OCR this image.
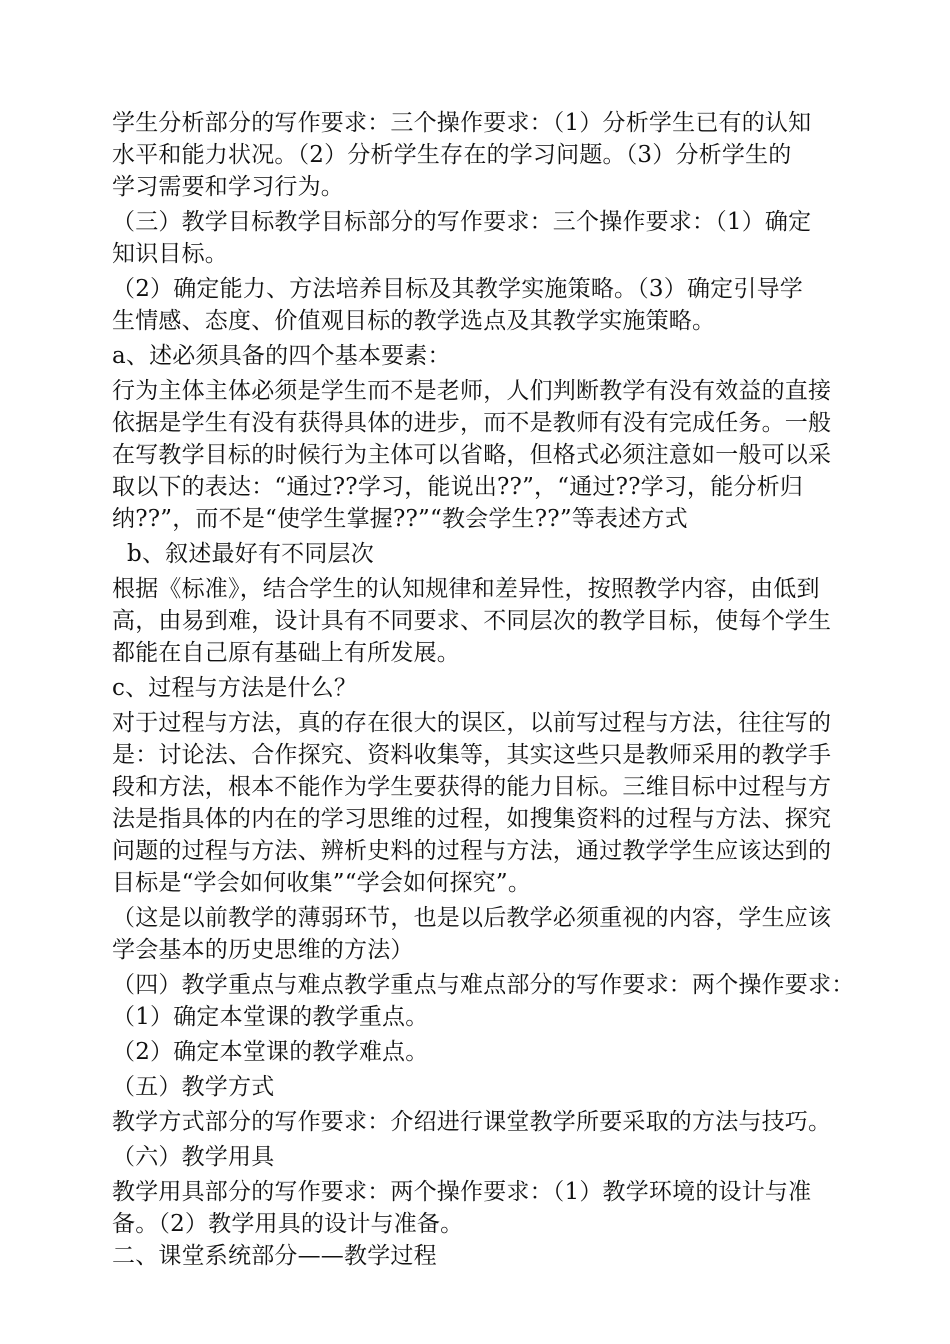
学生分析部分的写作要求：三个操作要求：（1）分析学生已有的认知

水平和能力状况。（2）分析学生存在的学习问题。（3）分析学生的

学习需要和学习行为。

（三）教学目标教学目标部分的写作要求：三个操作要求：（1）确定

知识目标。

（2）确定能力、方法培养目标及其教学实施策略。（3）确定引导学

生情感、态度、价值观目标的教学选点及其教学实施策略。

a、述必须具备的四个基本要素：

行为主体主体必须是学生而不是老师，人们判断教学有没有效益的直接

依据是学生有没有获得具体的进步，而不是教师有没有完成任务。一般

在写教学目标的时候行为主体可以省略，但格式必须注意如一般可以采

取以下的表达：“通过??学习，能说出??”，“通过??学习，能分析归

纳??”，而不是“使学生掌握??”“教会学生??”等表述方式

b、叙述最好有不同层次

根据《标准》，结合学生的认知规律和差异性，按照教学内容，由低到

高，由易到难，设计具有不同要求、不同层次的教学目标，使每个学生

都能在自己原有基础上有所发展。

c、过程与方法是什么？

对于过程与方法，真的存在很大的误区，以前写过程与方法，往往写的

是：讨论法、合作探究、资料收集等，其实这些只是教师采用的教学手

段和方法，根本不能作为学生要获得的能力目标。三维目标中过程与方

法是指具体的内在的学习思维的过程，如搜集资料的过程与方法、探究

问题的过程与方法、辨析史料的过程与方法，通过教学学生应该达到的

目标是“学会如何收集”“学会如何探究”。

（这是以前教学的薄弱环节，也是以后教学必须重视的内容，学生应该

学会基本的历史思维的方法）

（四）教学重点与难点教学重点与难点部分的写作要求：两个操作要求：

（1）确定本堂课的教学重点。

（2）确定本堂课的教学难点。

（五）教学方式

教学方式部分的写作要求：介绍进行课堂教学所要采取的方法与技巧。

（六）教学用具

教学用具部分的写作要求：两个操作要求：（1）教学环境的设计与准

备。（2）教学用具的设计与准备。

二、课堂系统部分——教学过程
